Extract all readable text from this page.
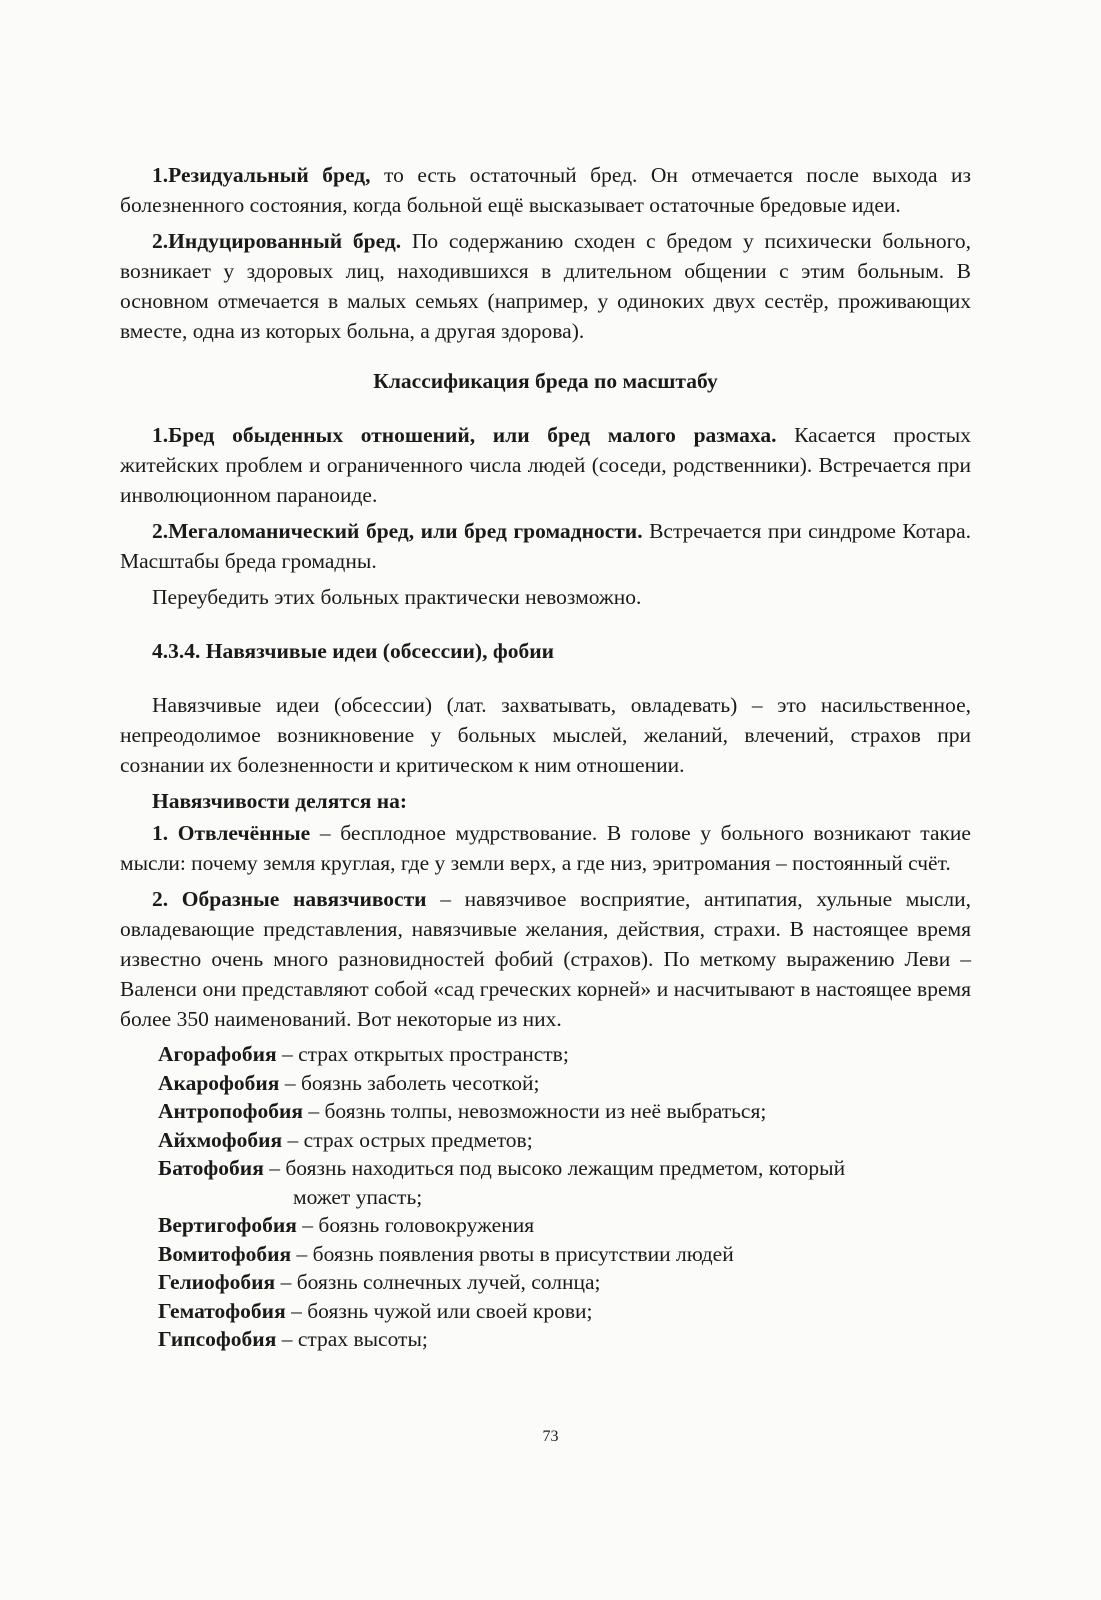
1.Резидуальный бред, то есть остаточный бред. Он отмечается после выхода из болезненного состояния, когда больной ещё высказывает остаточные бредовые идеи.

2.Индуцированный бред. По содержанию сходен с бредом у психически больного, возникает у здоровых лиц, находившихся в длительном общении с этим больным. В основном отмечается в малых семьях (например, у одиноких двух сестёр, проживающих вместе, одна из которых больна, а другая здорова).

Классификация бреда по масштабу

1.Бред обыденных отношений, или бред малого размаха. Касается простых житейских проблем и ограниченного числа людей (соседи, родственники). Встречается при инволюционном параноиде.

2.Мегаломанический бред, или бред громадности. Встречается при синдроме Котара. Масштабы бреда громадны.

Переубедить этих больных практически невозможно.

4.3.4. Навязчивые идеи (обсессии), фобии

Навязчивые идеи (обсессии) (лат. захватывать, овладевать) – это насильственное, непреодолимое возникновение у больных мыслей, желаний, влечений, страхов при сознании их болезненности и критическом к ним отношении.

Навязчивости делятся на:

1. Отвлечённые – бесплодное мудрствование. В голове у больного возникают такие мысли: почему земля круглая, где у земли верх, а где низ, эритромания – постоянный счёт.

2. Образные навязчивости – навязчивое восприятие, антипатия, хульные мысли, овладевающие представления, навязчивые желания, действия, страхи. В настоящее время известно очень много разновидностей фобий (страхов). По меткому выражению Леви – Валенси они представляют собой «сад греческих корней» и насчитывают в настоящее время более 350 наименований. Вот некоторые из них.

Агорафобия – страх открытых пространств;
Акарофобия – боязнь заболеть чесоткой;
Антропофобия – боязнь толпы, невозможности из неё выбраться;
Айхмофобия – страх острых предметов;
Батофобия – боязнь находиться под высоко лежащим предметом, который
может упасть;
Вертигофобия – боязнь головокружения
Вомитофобия – боязнь появления рвоты в присутствии людей
Гелиофобия – боязнь солнечных лучей, солнца;
Гематофобия – боязнь чужой или своей крови;
Гипсофобия – страх высоты;
73
